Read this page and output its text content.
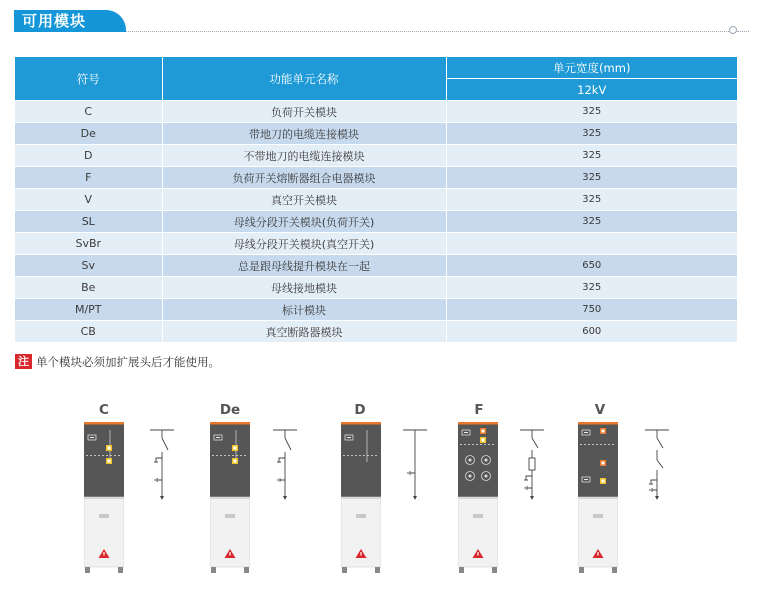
可用模块
符号	功能单元名称	单元宽度(mm)
		12kV
C	负荷开关模块	325
De	带地刀的电缆连接模块	325
D	不带地刀的电缆连接模块	325
F	负荷开关熔断器组合电器模块	325
V	真空开关模块	325
SL	母线分段开关模块(负荷开关)	325
SvBr	母线分段开关模块(真空开关)	
Sv	总是跟母线提升模块在一起	650
Be	母线接地模块	325
M/PT	标计模块	750
CB	真空断路器模块	600
注 单个模块必须加扩展头后才能使用。
C	De	D	F	V
